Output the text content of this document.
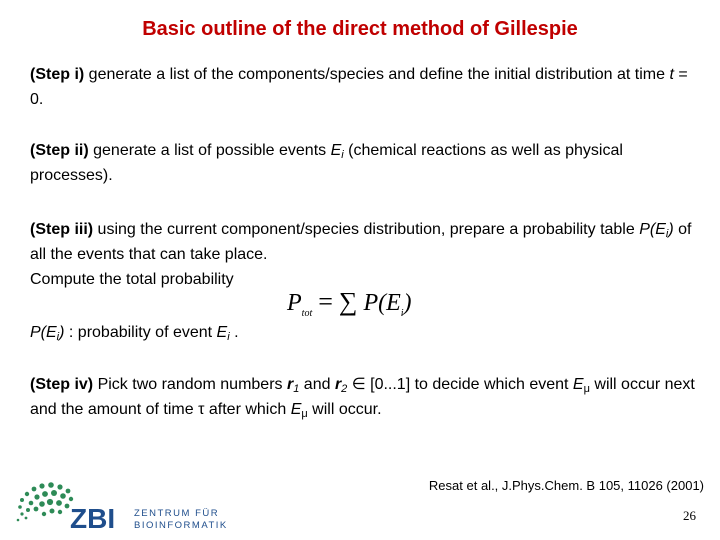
Basic outline of the direct method of Gillespie
(Step i) generate a list of the components/species and define the initial distribution at time t = 0.
(Step ii) generate a list of possible events $E_i$ (chemical reactions as well as physical processes).
(Step iii) using the current component/species distribution, prepare a probability table $P(E_i)$ of all the events that can take place.
Compute the total probability
$P_{tot}$ = ∑ $P(E_i)$
$P(E_i)$ : probability of event $E_i$ .
(Step iv) Pick two random numbers $r_1$ and $r_2$ ∈ [0...1] to decide which event $E_\mu$ will occur next and the amount of time τ after which $E_\mu$ will occur.
ZBI ZENTRUM FÜR
BIOINFORMATIK
Resat et al., J.Phys.Chem. B 105, 11026 (2001)
26
